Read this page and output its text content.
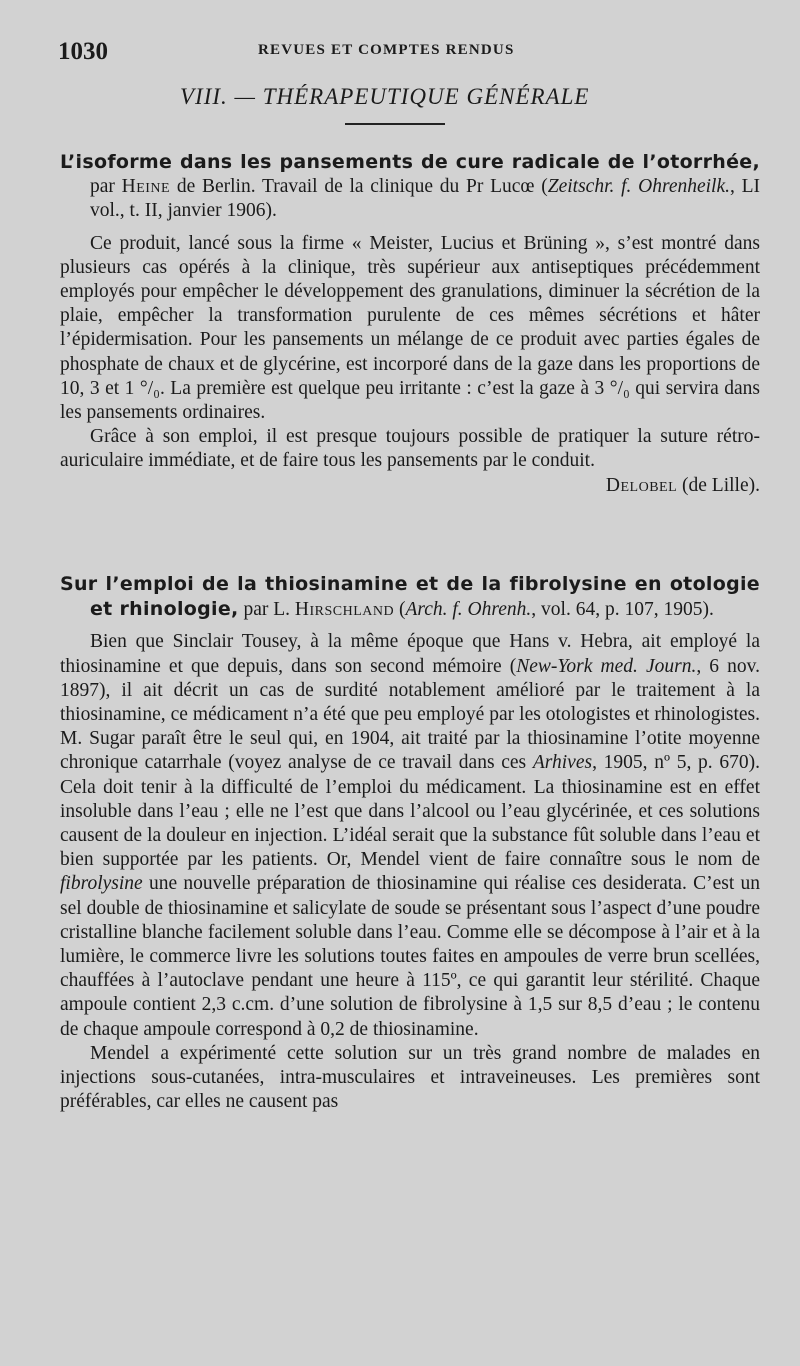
1030	REVUES ET COMPTES RENDUS
VIII. — THÉRAPEUTIQUE GÉNÉRALE

L’isoforme dans les pansements de cure radicale de l’otorrhée, par Heine de Berlin. Travail de la clinique du Pr Lucœ (Zeitschr. f. Ohrenheilk., LI vol., t. II, janvier 1906).

Ce produit, lancé sous la firme « Meister, Lucius et Brüning », s’est montré dans plusieurs cas opérés à la clinique, très supérieur aux antiseptiques précédemment employés pour empêcher le développement des granulations, diminuer la sécrétion de la plaie, empêcher la transformation purulente de ces mêmes sécrétions et hâter l’épidermisation. Pour les pansements un mélange de ce produit avec parties égales de phosphate de chaux et de glycérine, est incorporé dans de la gaze dans les proportions de 10, 3 et 1 °/₀. La première est quelque peu irritante : c’est la gaze à 3 °/₀ qui servira dans les pansements ordinaires.

Grâce à son emploi, il est presque toujours possible de pratiquer la suture rétro-auriculaire immédiate, et de faire tous les pansements par le conduit.
Delobel (de Lille).

Sur l’emploi de la thiosinamine et de la fibrolysine en otologie et rhinologie, par L. Hirschland (Arch. f. Ohrenh., vol. 64, p. 107, 1905).

Bien que Sinclair Tousey, à la même époque que Hans v. Hebra, ait employé la thiosinamine et que depuis, dans son second mémoire (New-York med. Journ., 6 nov. 1897), il ait décrit un cas de surdité notablement amélioré par le traitement à la thiosinamine, ce médicament n’a été que peu employé par les otologistes et rhinologistes. M. Sugar paraît être le seul qui, en 1904, ait traité par la thiosinamine l’otite moyenne chronique catarrhale (voyez analyse de ce travail dans ces Arhives, 1905, nº 5, p. 670). Cela doit tenir à la difficulté de l’emploi du médicament. La thiosinamine est en effet insoluble dans l’eau ; elle ne l’est que dans l’alcool ou l’eau glycérinée, et ces solutions causent de la douleur en injection. L’idéal serait que la substance fût soluble dans l’eau et bien supportée par les patients. Or, Mendel vient de faire connaître sous le nom de fibrolysine une nouvelle préparation de thiosinamine qui réalise ces desiderata. C’est un sel double de thiosinamine et salicylate de soude se présentant sous l’aspect d’une poudre cristalline blanche facilement soluble dans l’eau. Comme elle se décompose à l’air et à la lumière, le commerce livre les solutions toutes faites en ampoules de verre brun scellées, chauffées à l’autoclave pendant une heure à 115º, ce qui garantit leur stérilité. Chaque ampoule contient 2,3 c.cm. d’une solution de fibrolysine à 1,5 sur 8,5 d’eau ; le contenu de chaque ampoule correspond à 0,2 de thiosinamine.

Mendel a expérimenté cette solution sur un très grand nombre de malades en injections sous-cutanées, intra-musculaires et intraveineuses. Les premières sont préférables, car elles ne causent pas
